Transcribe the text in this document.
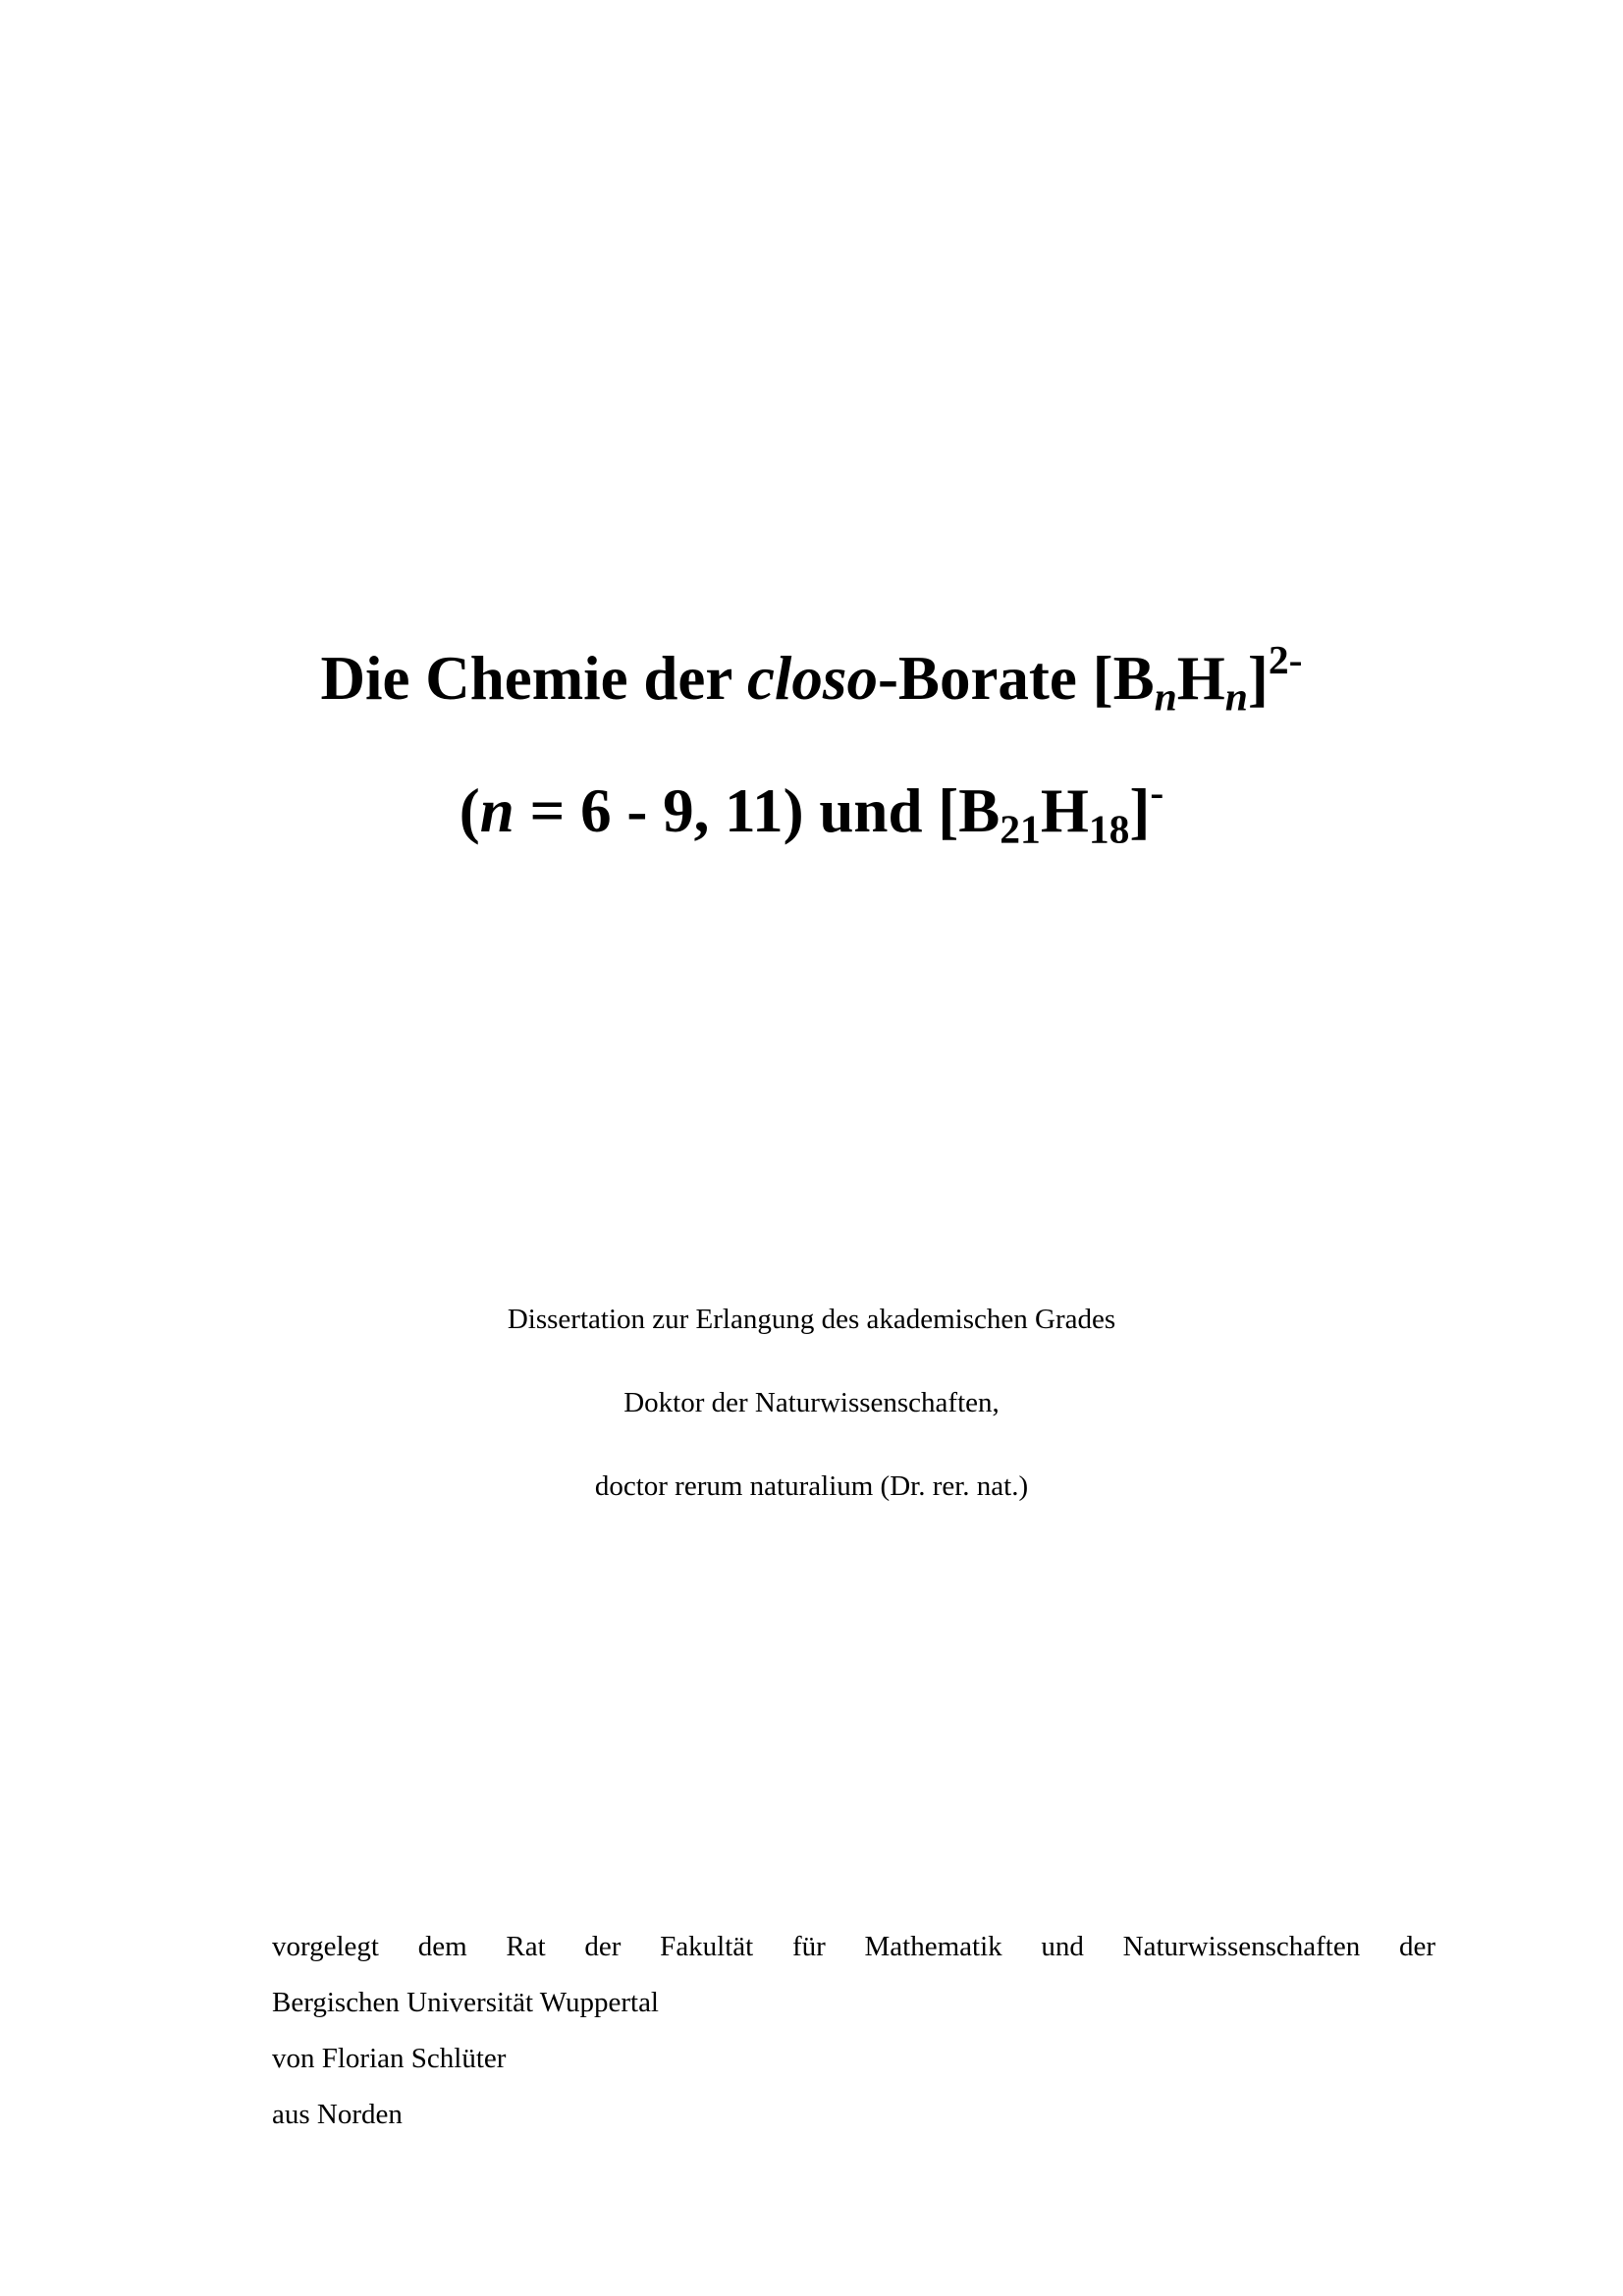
Die Chemie der closo-Borate $[B_nH_n]^{2-}$
(n = 6 - 9, 11) und $[B_{21}H_{18}]^-$
Dissertation zur Erlangung des akademischen Grades
Doktor der Naturwissenschaften,
doctor rerum naturalium (Dr. rer. nat.)
vorgelegt dem Rat der Fakultät für Mathematik und Naturwissenschaften der
Bergischen Universität Wuppertal
von Florian Schlüter
aus Norden
